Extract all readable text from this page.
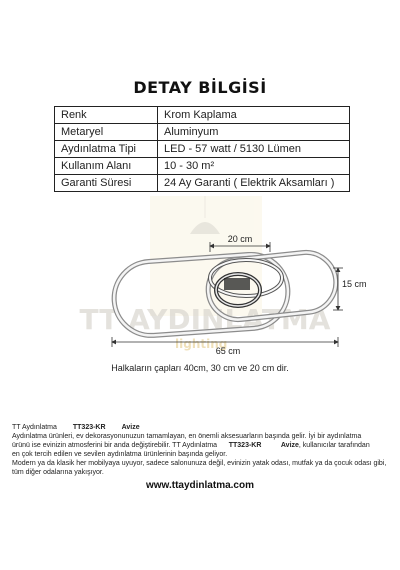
DETAY BİLGİSİ
Renk	Krom Kaplama
Metaryel	Aluminyum
Aydınlatma Tipi	LED - 57 watt / 5130 Lümen
Kullanım Alanı	10 - 30 m²
Garanti Süresi	24 Ay Garanti ( Elektrik Aksamları )
TT AYDINLATMA
lighting
20 cm
15 cm
65 cm
Halkaların çapları 40cm, 30 cm ve 20 cm dir.
TT Aydınlatma TT323-KR Avize
Aydınlatma ürünleri, ev dekorasyonunuzun tamamlayan, en önemli aksesuarların başında gelir. İyi bir aydınlatma
ürünü ise evinizin atmosferini bir anda değiştirebilir. TT Aydınlatma TT323-KR	Avize, kullanıcılar tarafından
en çok tercih edilen ve sevilen aydınlatma ürünlerinin başında geliyor.
Modern ya da klasik her mobilyaya uyuyor, sadece salonunuza değil, evinizin yatak odası, mutfak ya da çocuk odası gibi,
tüm diğer odalarına yakışıyor.
www.ttaydinlatma.com
